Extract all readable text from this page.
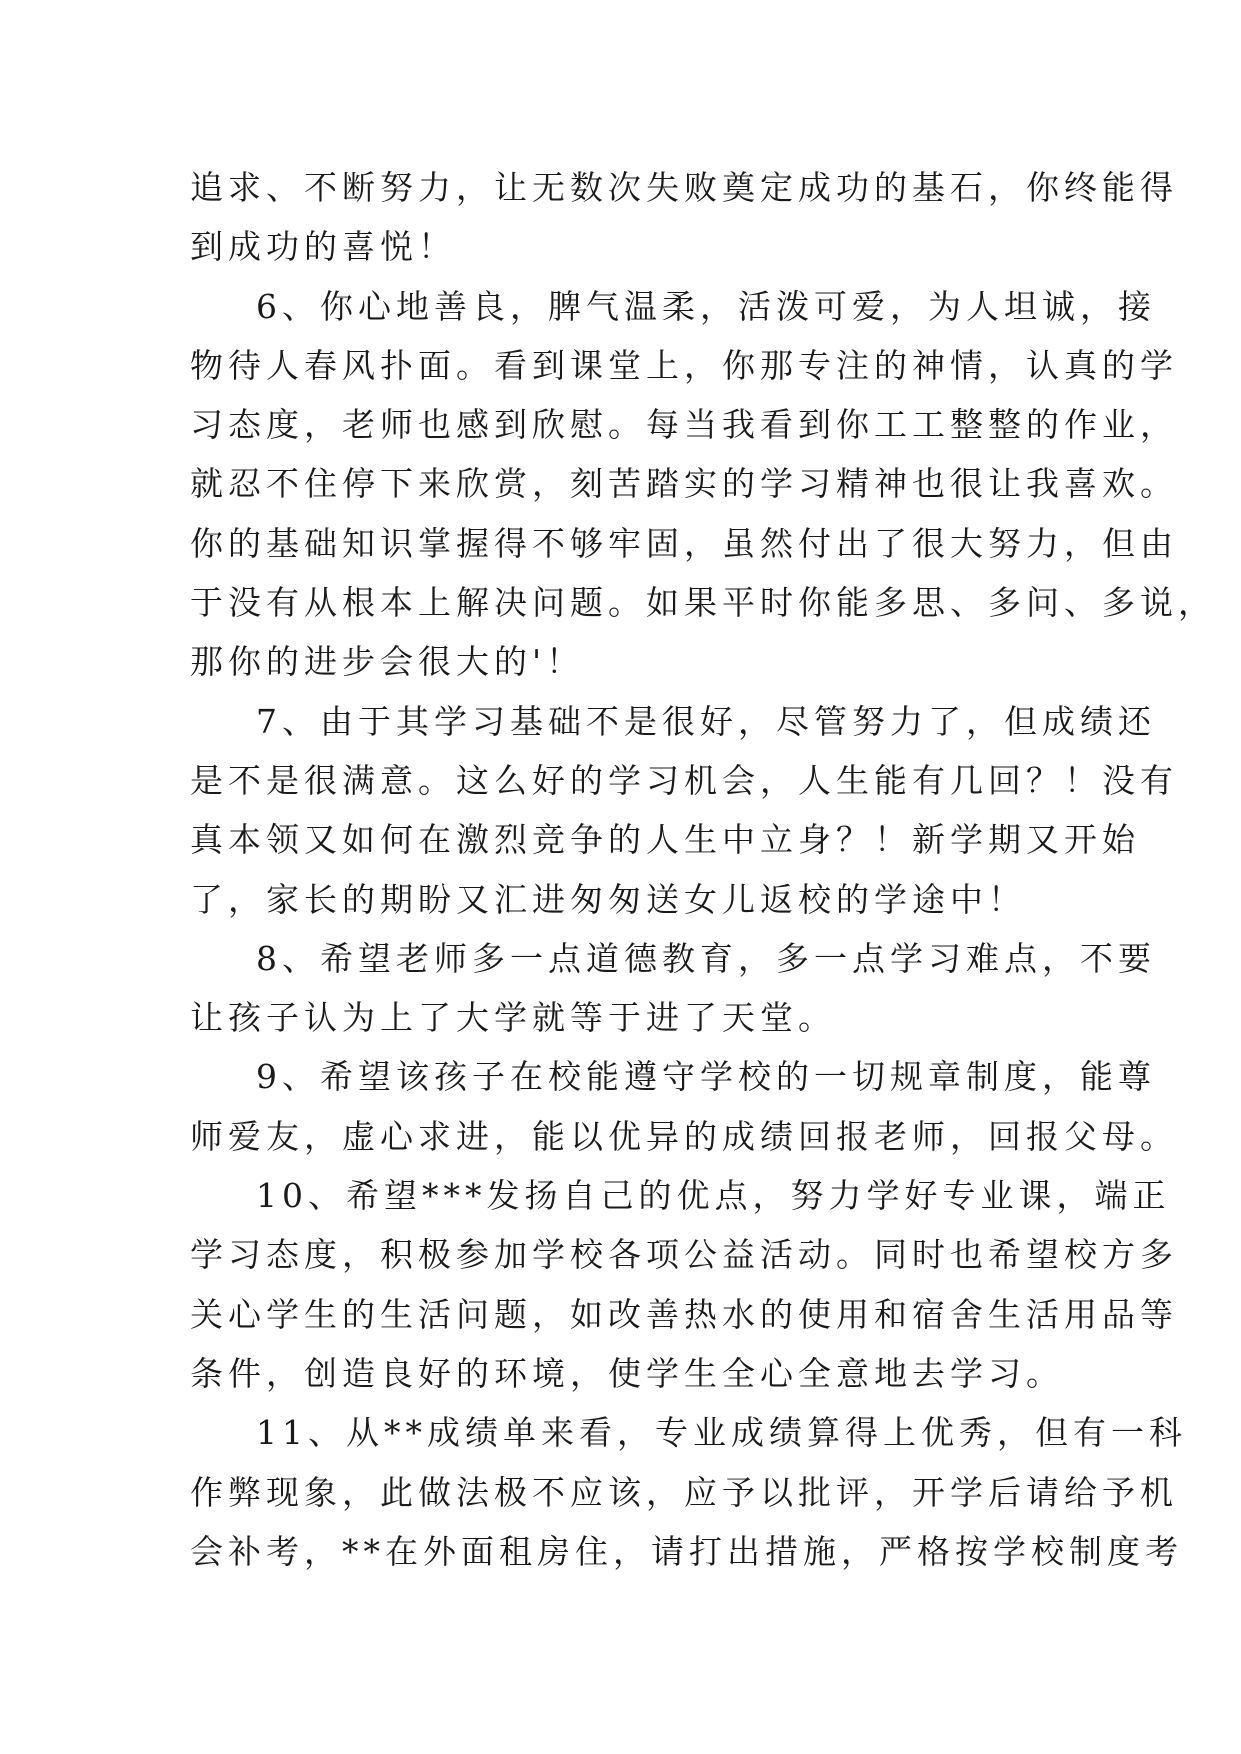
追求、不断努力，让无数次失败奠定成功的基石，你终能得
到成功的喜悦！
6、你心地善良，脾气温柔，活泼可爱，为人坦诚，接
物待人春风扑面。看到课堂上，你那专注的神情，认真的学
习态度，老师也感到欣慰。每当我看到你工工整整的作业，
就忍不住停下来欣赏，刻苦踏实的学习精神也很让我喜欢。
你的基础知识掌握得不够牢固，虽然付出了很大努力，但由
于没有从根本上解决问题。如果平时你能多思、多问、多说，
那你的进步会很大的'！
7、由于其学习基础不是很好，尽管努力了，但成绩还
是不是很满意。这么好的学习机会，人生能有几回？！没有
真本领又如何在激烈竞争的人生中立身？！新学期又开始
了，家长的期盼又汇进匆匆送女儿返校的学途中！
8、希望老师多一点道德教育，多一点学习难点，不要
让孩子认为上了大学就等于进了天堂。
9、希望该孩子在校能遵守学校的一切规章制度，能尊
师爱友，虚心求进，能以优异的成绩回报老师，回报父母。
10、希望***发扬自己的优点，努力学好专业课，端正
学习态度，积极参加学校各项公益活动。同时也希望校方多
关心学生的生活问题，如改善热水的使用和宿舍生活用品等
条件，创造良好的环境，使学生全心全意地去学习。
11、从**成绩单来看，专业成绩算得上优秀，但有一科
作弊现象，此做法极不应该，应予以批评，开学后请给予机
会补考，**在外面租房住，请打出措施，严格按学校制度考
